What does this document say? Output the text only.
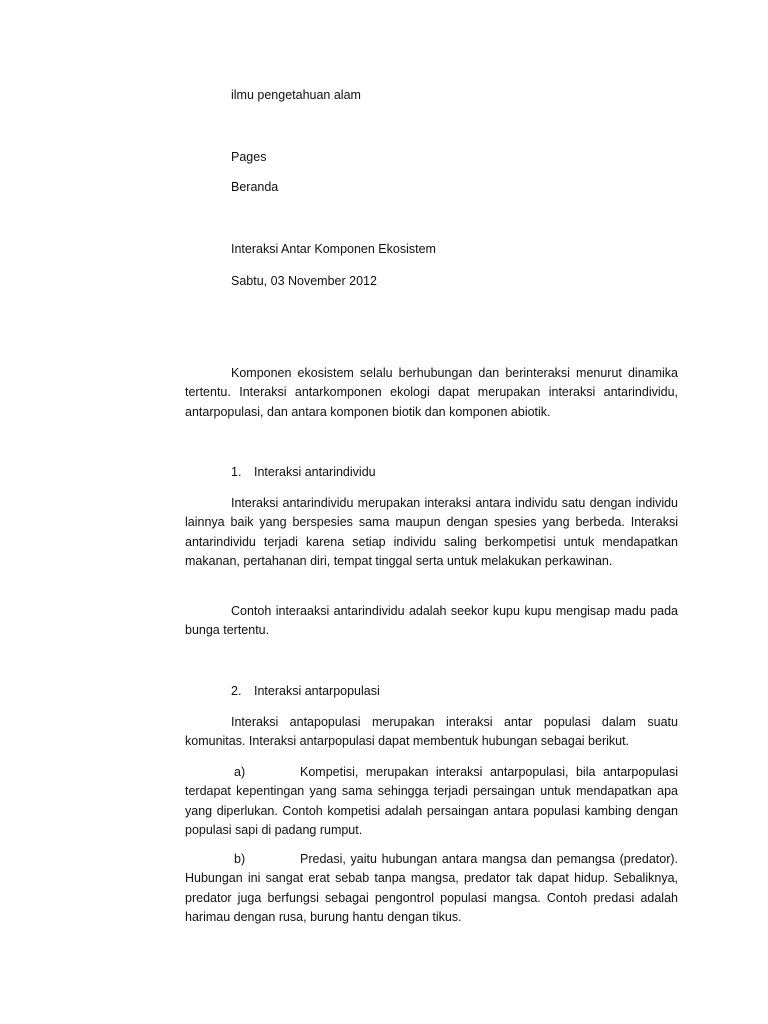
ilmu pengetahuan alam
Pages
Beranda
Interaksi Antar Komponen Ekosistem
Sabtu, 03 November 2012

Komponen ekosistem selalu berhubungan dan berinteraksi menurut dinamika tertentu. Interaksi antarkomponen ekologi dapat merupakan interaksi antarindividu, antarpopulasi, dan antara komponen biotik dan komponen abiotik.

1. Interaksi antarindividu

Interaksi antarindividu merupakan interaksi antara individu satu dengan individu lainnya baik yang berspesies sama maupun dengan spesies yang berbeda. Interaksi antarindividu terjadi karena setiap individu saling berkompetisi untuk mendapatkan makanan, pertahanan diri, tempat tinggal serta untuk melakukan perkawinan.

Contoh interaaksi antarindividu adalah seekor kupu kupu mengisap madu pada bunga tertentu.

2. Interaksi antarpopulasi

Interaksi antapopulasi merupakan interaksi antar populasi dalam suatu komunitas. Interaksi antarpopulasi dapat membentuk hubungan sebagai berikut.

a)	Kompetisi, merupakan interaksi antarpopulasi, bila antarpopulasi terdapat kepentingan yang sama sehingga terjadi persaingan untuk mendapatkan apa yang diperlukan. Contoh kompetisi adalah persaingan antara populasi kambing dengan populasi sapi di padang rumput.

b)	Predasi, yaitu hubungan antara mangsa dan pemangsa (predator). Hubungan ini sangat erat sebab tanpa mangsa, predator tak dapat hidup. Sebaliknya, predator juga berfungsi sebagai pengontrol populasi mangsa. Contoh predasi adalah harimau dengan rusa, burung hantu dengan tikus.
